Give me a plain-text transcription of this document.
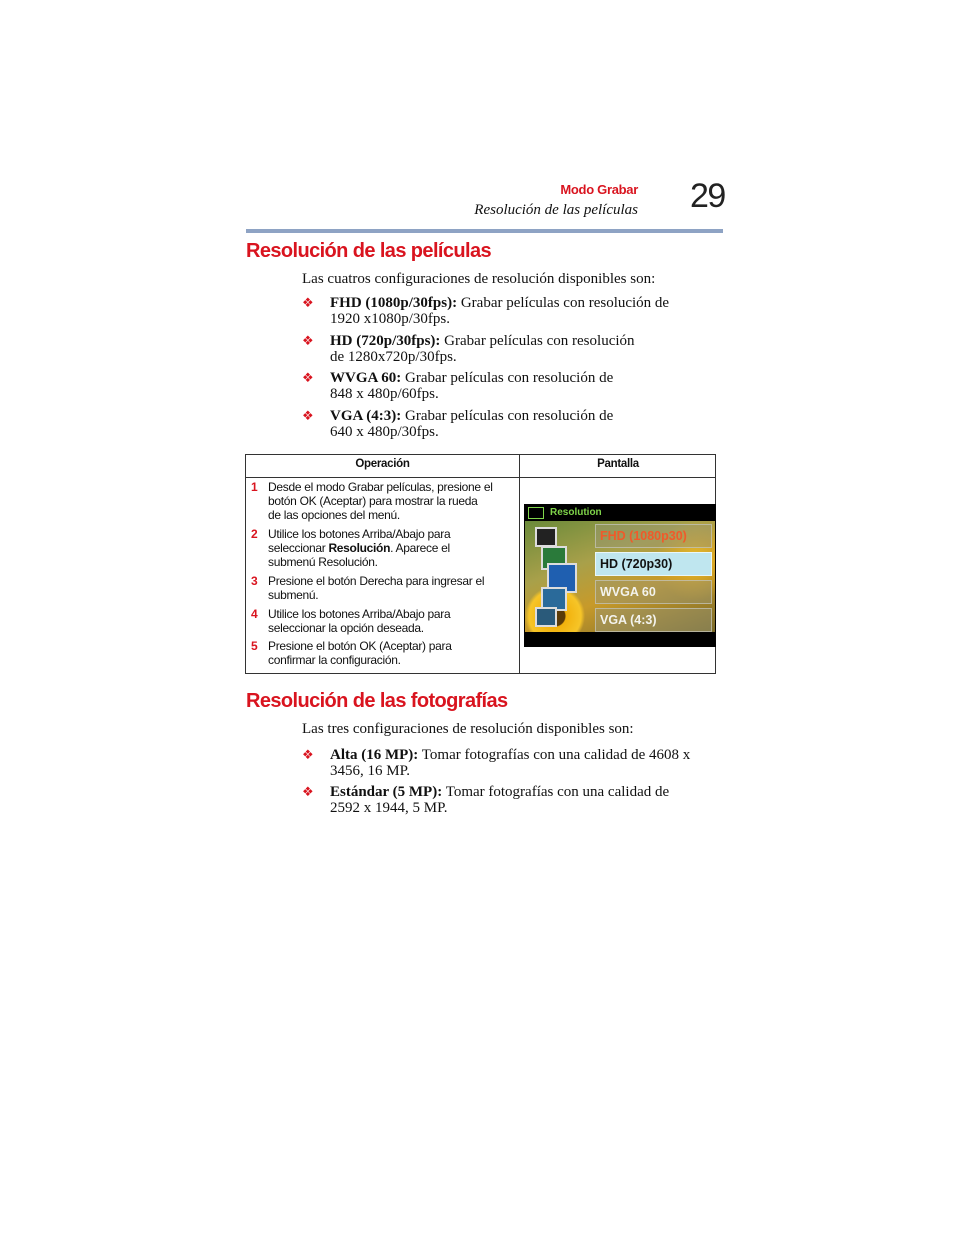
Modo Grabar
Resolución de las películas 29
Resolución de las películas
Las cuatros configuraciones de resolución disponibles son:
❖ FHD (1080p/30fps): Grabar películas con resolución de
1920 x1080p/30fps.
❖ HD (720p/30fps): Grabar películas con resolución
de 1280x720p/30fps.
❖ WVGA 60: Grabar películas con resolución de
848 x 480p/60fps.
❖ VGA (4:3): Grabar películas con resolución de
640 x 480p/30fps.
Operación	Pantalla
1 Desde el modo Grabar películas, presione el
botón OK (Aceptar) para mostrar la rueda
de las opciones del menú.
2 Utilice los botones Arriba/Abajo para
seleccionar Resolución. Aparece el
submenú Resolución.
3 Presione el botón Derecha para ingresar el
submenú.
4 Utilice los botones Arriba/Abajo para
seleccionar la opción deseada.
5 Presione el botón OK (Aceptar) para
confirmar la configuración.
Resolution
FHD (1080p30)
HD (720p30)
WVGA 60
VGA (4:3)
Resolución de las fotografías
Las tres configuraciones de resolución disponibles son:
❖ Alta (16 MP): Tomar fotografías con una calidad de 4608 x
3456, 16 MP.
❖ Estándar (5 MP): Tomar fotografías con una calidad de
2592 x 1944, 5 MP.
